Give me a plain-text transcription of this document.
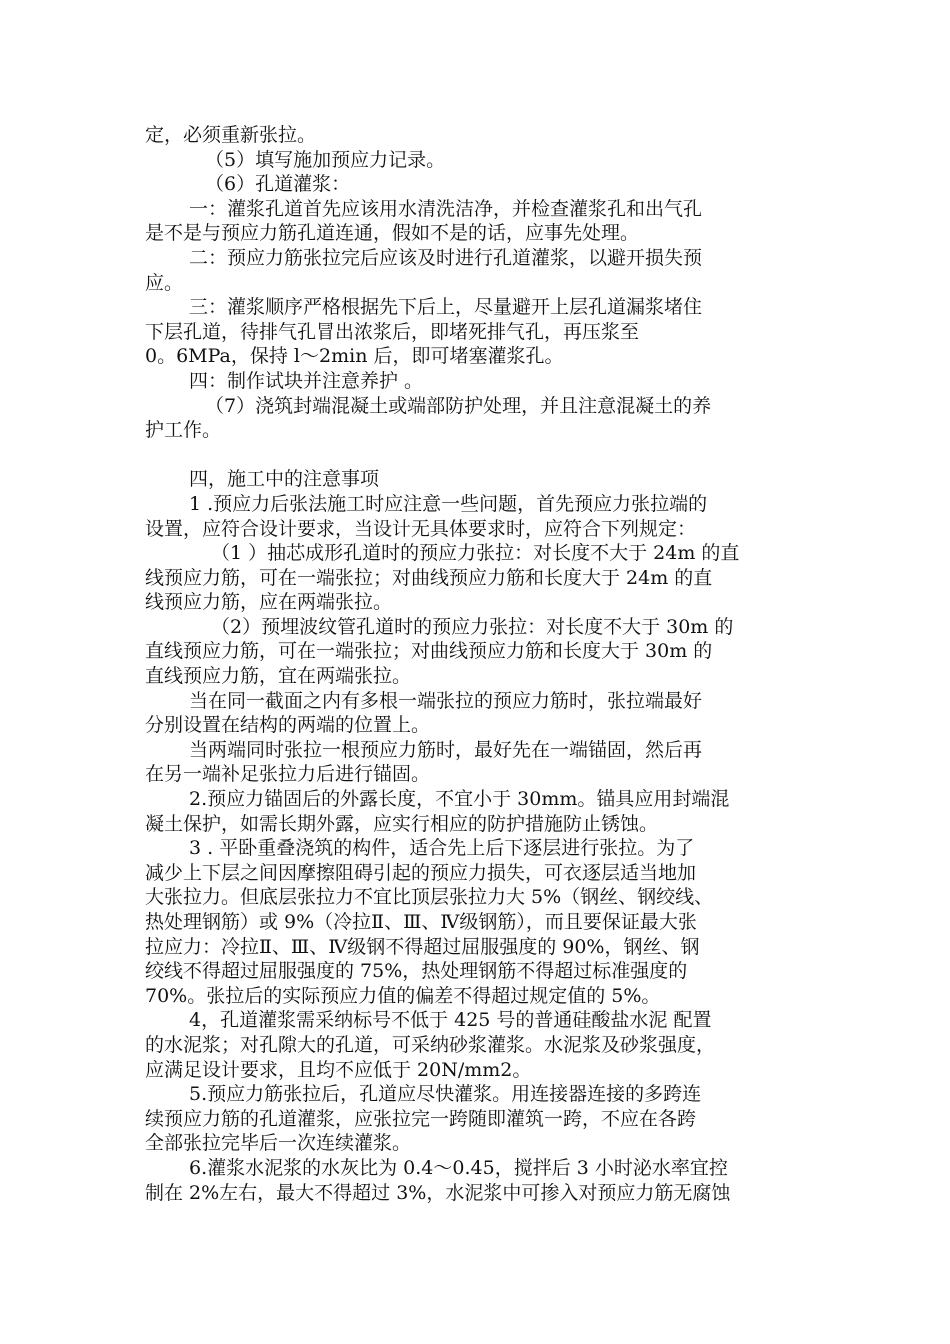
定，必须重新张拉。
（5）填写施加预应力记录。
（6）孔道灌浆：
一：灌浆孔道首先应该用水清洗洁净，并检查灌浆孔和出气孔
是不是与预应力筋孔道连通，假如不是的话，应事先处理。
二：预应力筋张拉完后应该及时进行孔道灌浆，以避开损失预
应。
三：灌浆顺序严格根据先下后上，尽量避开上层孔道漏浆堵住
下层孔道，待排气孔冒出浓浆后，即堵死排气孔，再压浆至
0。6MPa，保持 l～2min 后，即可堵塞灌浆孔。
四：制作试块并注意养护 。
（7）浇筑封端混凝土或端部防护处理，并且注意混凝土的养
护工作。
四，施工中的注意事项
1 .预应力后张法施工时应注意一些问题，首先预应力张拉端的
设置，应符合设计要求，当设计无具体要求时，应符合下列规定：
（1 ）抽芯成形孔道时的预应力张拉：对长度不大于 24m 的直
线预应力筋，可在一端张拉；对曲线预应力筋和长度大于 24m 的直
线预应力筋，应在两端张拉。
（2）预埋波纹管孔道时的预应力张拉：对长度不大于 30m 的
直线预应力筋，可在一端张拉；对曲线预应力筋和长度大于 30m 的
直线预应力筋，宜在两端张拉。
当在同一截面之内有多根一端张拉的预应力筋时，张拉端最好
分别设置在结构的两端的位置上。
当两端同时张拉一根预应力筋时，最好先在一端锚固，然后再
在另一端补足张拉力后进行锚固。
2.预应力锚固后的外露长度，不宜小于 30mm。锚具应用封端混
凝土保护，如需长期外露，应实行相应的防护措施防止锈蚀。
3 . 平卧重叠浇筑的构件，适合先上后下逐层进行张拉。为了
减少上下层之间因摩擦阻碍引起的预应力损失，可衣逐层适当地加
大张拉力。但底层张拉力不宜比顶层张拉力大 5%（钢丝、钢绞线、
热处理钢筋）或 9%（冷拉Ⅱ、Ⅲ、Ⅳ级钢筋），而且要保证最大张
拉应力：冷拉Ⅱ、Ⅲ、Ⅳ级钢不得超过屈服强度的 90%，钢丝、钢
绞线不得超过屈服强度的 75%，热处理钢筋不得超过标准强度的
70%。张拉后的实际预应力值的偏差不得超过规定值的 5%。
4，孔道灌浆需采纳标号不低于 425 号的普通硅酸盐水泥 配置
的水泥浆；对孔隙大的孔道，可采纳砂浆灌浆。水泥浆及砂浆强度，
应满足设计要求，且均不应低于 20N/mm2。
5.预应力筋张拉后，孔道应尽快灌浆。用连接器连接的多跨连
续预应力筋的孔道灌浆，应张拉完一跨随即灌筑一跨，不应在各跨
全部张拉完毕后一次连续灌浆。
6.灌浆水泥浆的水灰比为 0.4～0.45，搅拌后 3 小时泌水率宜控
制在 2%左右，最大不得超过 3%，水泥浆中可掺入对预应力筋无腐蚀
